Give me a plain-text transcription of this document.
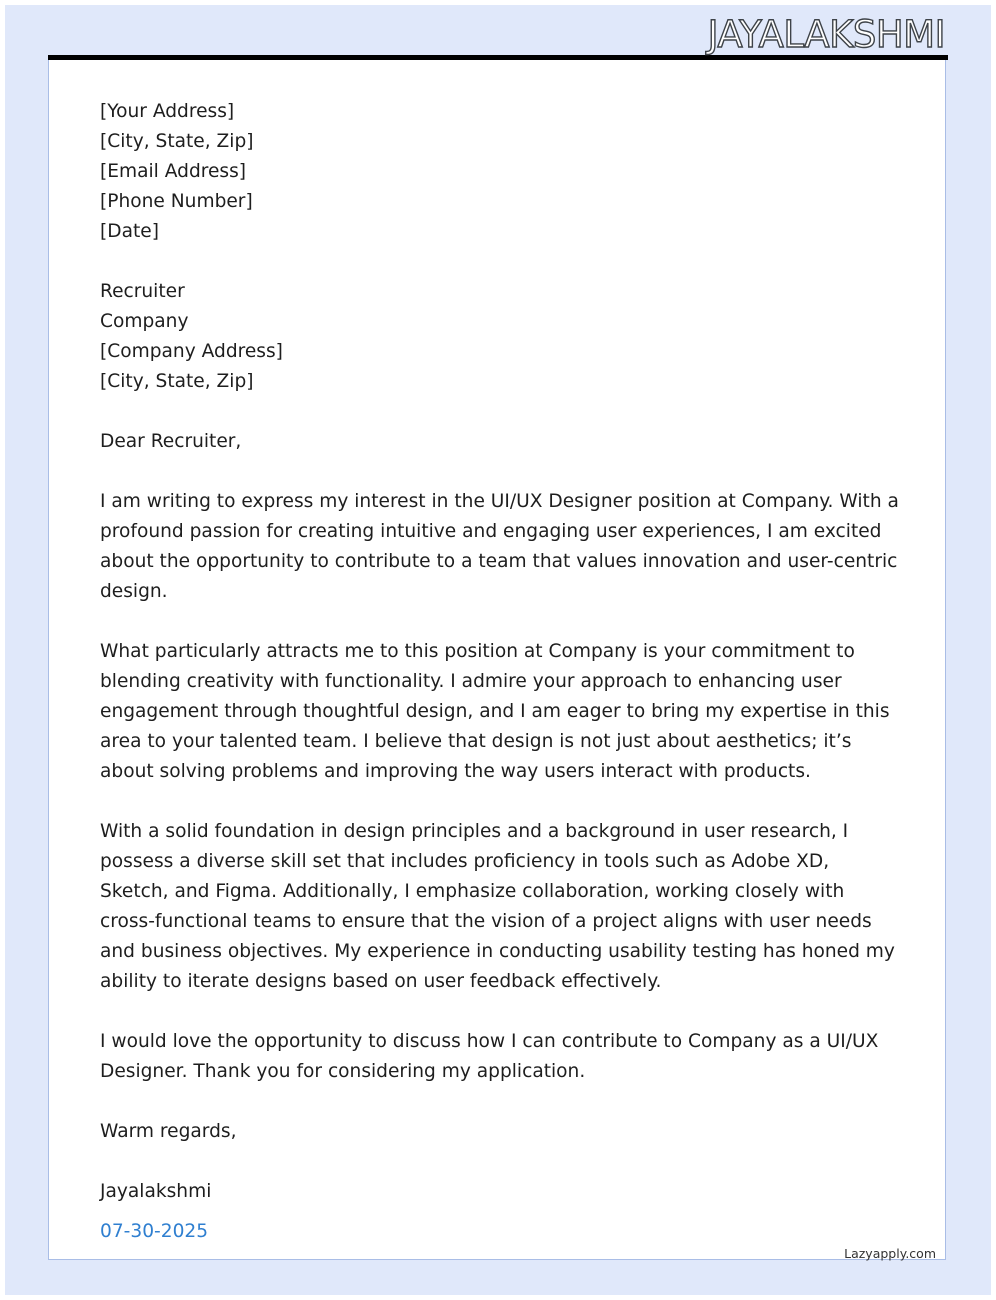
JAYALAKSHMI
[Your Address]
[City, State, Zip]
[Email Address]
[Phone Number]
[Date]
Recruiter
Company
[Company Address]
[City, State, Zip]

Dear Recruiter,

I am writing to express my interest in the UI/UX Designer position at Company. With a profound passion for creating intuitive and engaging user experiences, I am excited about the opportunity to contribute to a team that values innovation and user-centric design.

What particularly attracts me to this position at Company is your commitment to blending creativity with functionality. I admire your approach to enhancing user engagement through thoughtful design, and I am eager to bring my expertise in this area to your talented team. I believe that design is not just about aesthetics; it’s about solving problems and improving the way users interact with products.

With a solid foundation in design principles and a background in user research, I possess a diverse skill set that includes proficiency in tools such as Adobe XD, Sketch, and Figma. Additionally, I emphasize collaboration, working closely with cross-functional teams to ensure that the vision of a project aligns with user needs and business objectives. My experience in conducting usability testing has honed my ability to iterate designs based on user feedback effectively.

I would love the opportunity to discuss how I can contribute to Company as a UI/UX Designer. Thank you for considering my application.

Warm regards,

Jayalakshmi

07-30-2025

Lazyapply.com
